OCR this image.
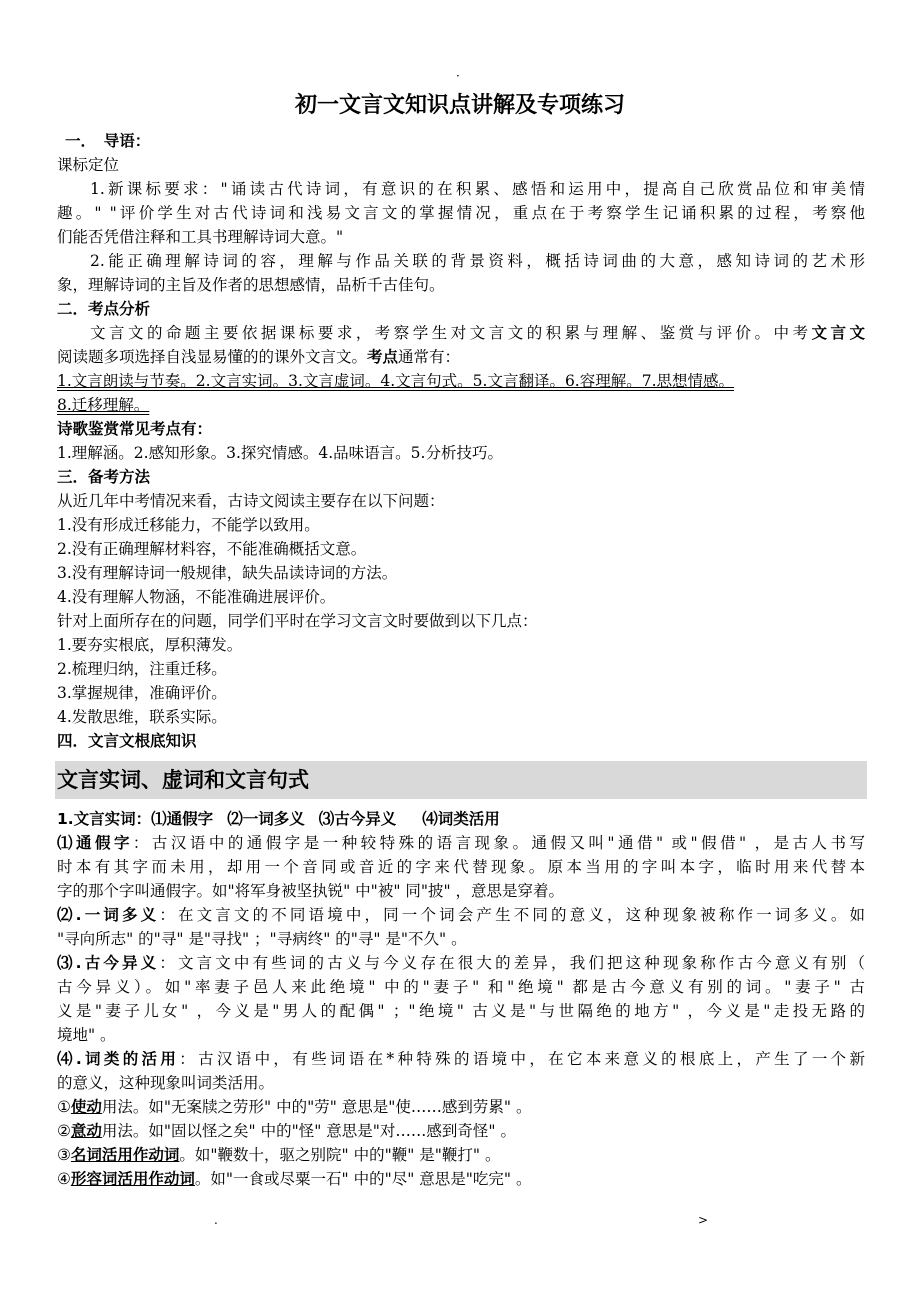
·
初一文言文知识点讲解及专项练习
一．　导语：
课标定位
1.新课标要求："诵读古代诗词，有意识的在积累、感悟和运用中，提高自己欣赏品位和审美情
趣。" "评价学生对古代诗词和浅易文言文的掌握情况，重点在于考察学生记诵积累的过程，考察他
们能否凭借注释和工具书理解诗词大意。"
2.能正确理解诗词的容，理解与作品关联的背景资料，概括诗词曲的大意，感知诗词的艺术形
象，理解诗词的主旨及作者的思想感情，品析千古佳句。
二．考点分析
文言文的命题主要依据课标要求，考察学生对文言文的积累与理解、鉴赏与评价。中考文言文
阅读题多项选择自浅显易懂的的课外文言文。考点通常有：
1.文言朗读与节奏。2.文言实词。3.文言虚词。4.文言句式。5.文言翻译。6.容理解。7.思想情感。
8.迁移理解。
诗歌鉴赏常见考点有：
1.理解涵。2.感知形象。3.探究情感。4.品味语言。5.分析技巧。
三．备考方法
从近几年中考情况来看，古诗文阅读主要存在以下问题：
1.没有形成迁移能力，不能学以致用。
2.没有正确理解材料容，不能准确概括文意。
3.没有理解诗词一般规律，缺失品读诗词的方法。
4.没有理解人物涵，不能准确进展评价。
针对上面所存在的问题，同学们平时在学习文言文时要做到以下几点：
1.要夯实根底，厚积薄发。
2.梳理归纳，注重迁移。
3.掌握规律，准确评价。
4.发散思维，联系实际。
四．文言文根底知识
文言实词、虚词和文言句式
1.文言实词：⑴通假字 ⑵一词多义 ⑶古今异义 ⑷词类活用
⑴通假字：古汉语中的通假字是一种较特殊的语言现象。通假又叫"通借" 或"假借" ，是古人书写
时本有其字而未用，却用一个音同或音近的字来代替现象。原本当用的字叫本字，临时用来代替本
字的那个字叫通假字。如"将军身被坚执锐" 中"被" 同"披" ，意思是穿着。
⑵.一词多义：在文言文的不同语境中，同一个词会产生不同的意义，这种现象被称作一词多义。如
"寻向所志" 的"寻" 是"寻找" ；"寻病终" 的"寻" 是"不久" 。
⑶.古今异义：文言文中有些词的古义与今义存在很大的差异，我们把这种现象称作古今意义有别（
古今异义）。如"率妻子邑人来此绝境" 中的"妻子" 和"绝境" 都是古今意义有别的词。"妻子" 古
义是"妻子儿女" ，今义是"男人的配偶" ；"绝境" 古义是"与世隔绝的地方" ，今义是"走投无路的
境地" 。
⑷.词类的活用：古汉语中，有些词语在*种特殊的语境中，在它本来意义的根底上，产生了一个新
的意义，这种现象叫词类活用。
①使动用法。如"无案牍之劳形" 中的"劳" 意思是"使……感到劳累" 。
②意动用法。如"固以怪之矣" 中的"怪" 意思是"对……感到奇怪" 。
③名词活用作动词。如"鞭数十，驱之别院" 中的"鞭" 是"鞭打" 。
④形容词活用作动词。如"一食或尽粟一石" 中的"尽" 意思是"吃完" 。
.	>
